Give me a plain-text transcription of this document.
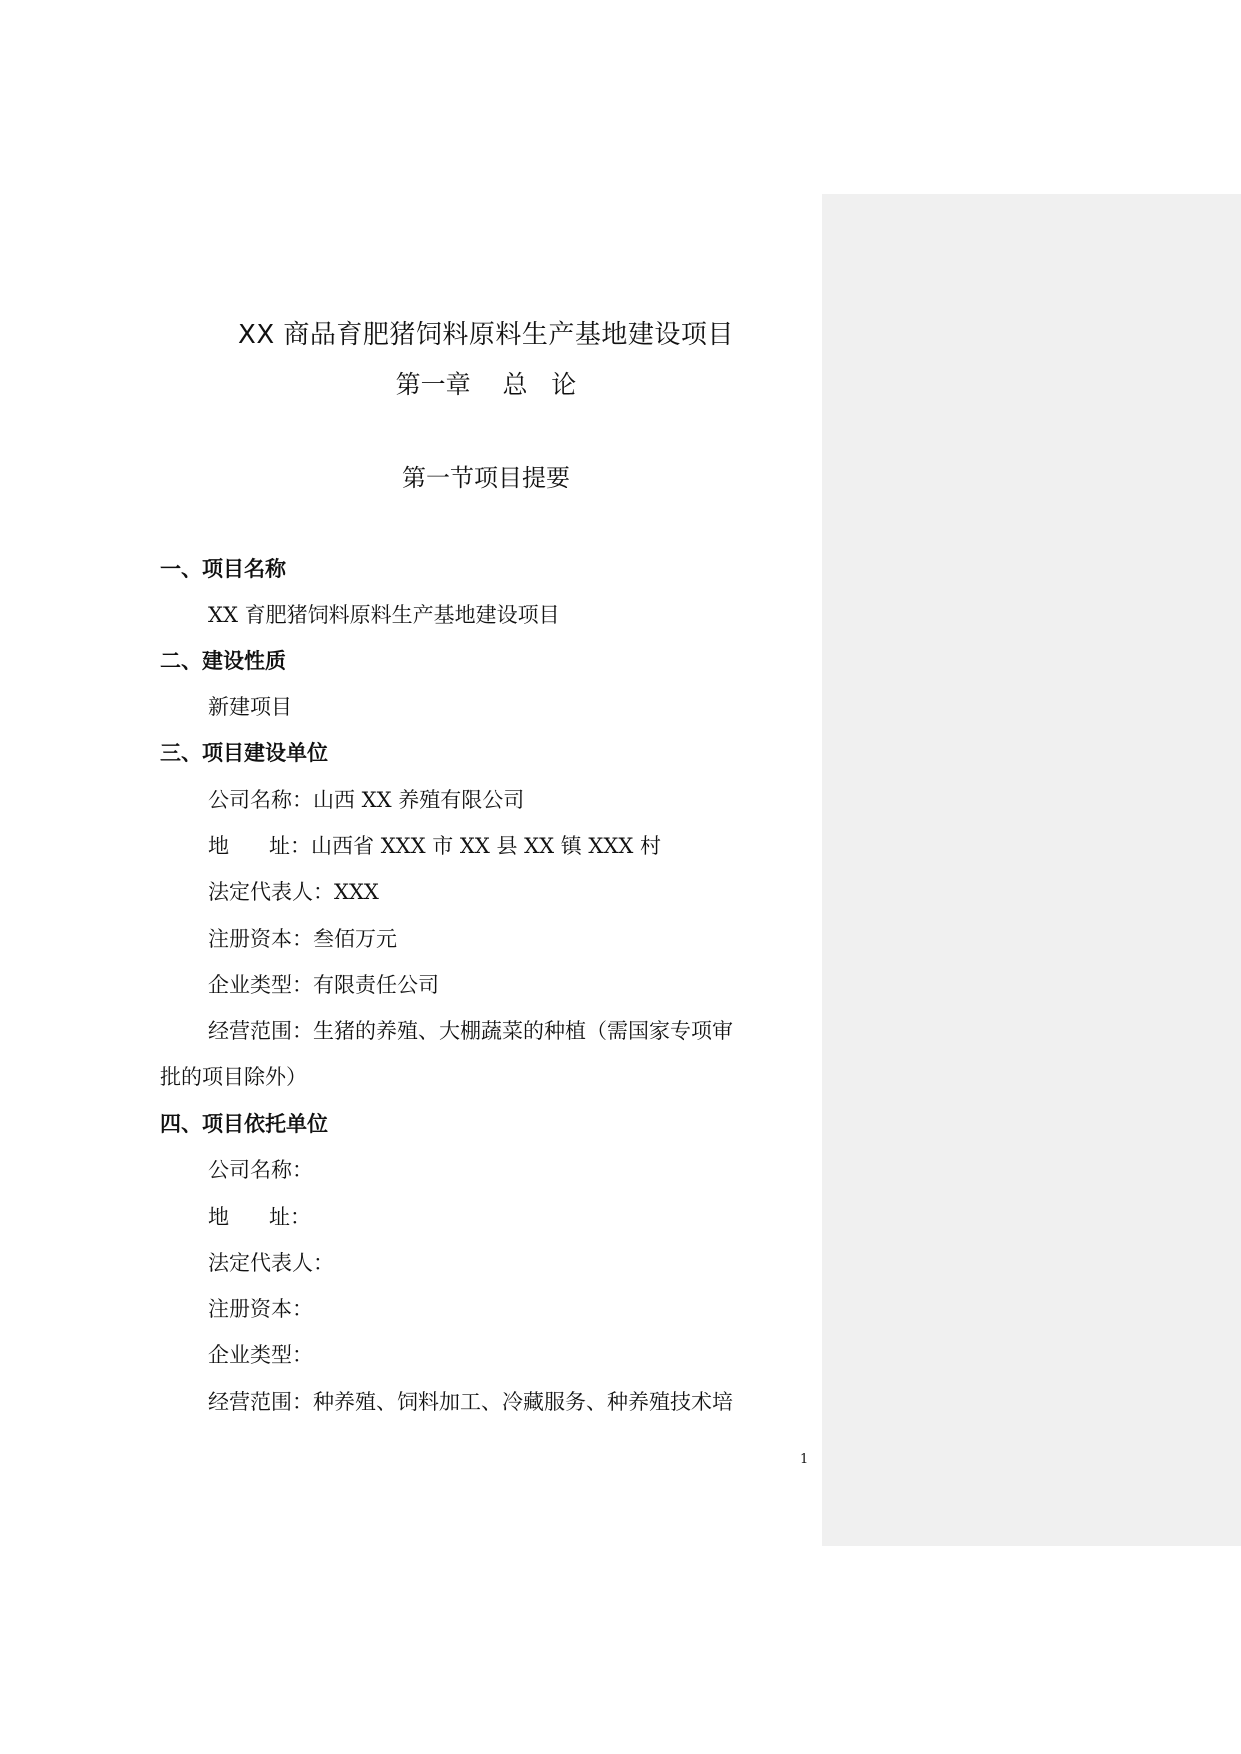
XX 商品育肥猪饲料原料生产基地建设项目
第一章    总   论
第一节项目提要
一、项目名称
XX 育肥猪饲料原料生产基地建设项目
二、建设性质
新建项目
三、项目建设单位
公司名称：山西 XX 养殖有限公司
地      址：山西省 XXX 市 XX 县 XX 镇 XXX 村
法定代表人：XXX
注册资本：叁佰万元
企业类型：有限责任公司
经营范围：生猪的养殖、大棚蔬菜的种植（需国家专项审
批的项目除外）
四、项目依托单位
公司名称：
地      址：
法定代表人：
注册资本：
企业类型：
经营范围：种养殖、饲料加工、冷藏服务、种养殖技术培
1
